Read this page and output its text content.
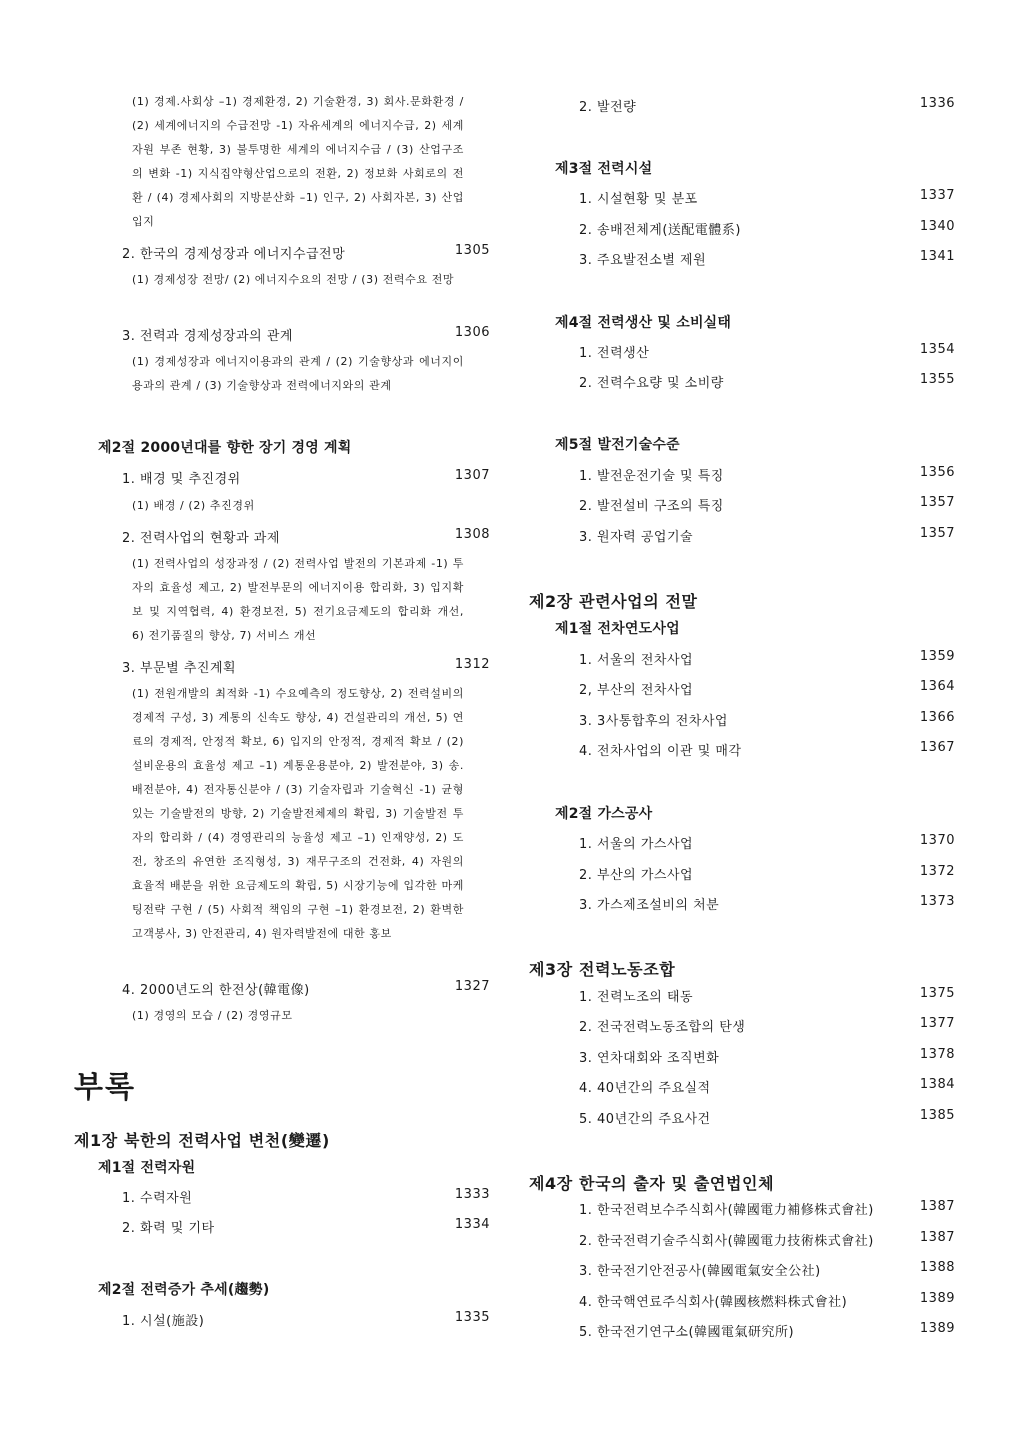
(1) 경제.사회상 –1) 경제환경, 2) 기술환경, 3) 회사.문화환경 / (2) 세계에너지의 수급전망 -1) 자유세계의 에너지수급, 2) 세계자원 부존 현황, 3) 불투명한 세계의 에너지수급 / (3) 산업구조의 변화 -1) 지식집약형산업으로의 전환, 2) 정보화 사회로의 전환 / (4) 경제사회의 지방분산화 –1) 인구, 2) 사회자본, 3) 산업입지
2. 한국의 경제성장과 에너지수급전망	1305
(1) 경제성장 전망/ (2) 에너지수요의 전망 / (3) 전력수요 전망
3. 전력과 경제성장과의 관계	1306
(1) 경제성장과 에너지이용과의 관계 / (2) 기술향상과 에너지이용과의 관계 / (3) 기술향상과 전력에너지와의 관계
제2절 2000년대를 향한 장기 경영 계획
1. 배경 및 추진경위	1307
(1) 배경 / (2) 추진경위
2. 전력사업의 현황과 과제	1308
(1) 전력사업의 성장과정 / (2) 전력사업 발전의 기본과제 -1) 투자의 효율성 제고, 2) 발전부문의 에너지이용 합리화, 3) 입지확보 및 지역협력, 4) 환경보전, 5) 전기요금제도의 합리화 개선, 6) 전기품질의 향상, 7) 서비스 개선
3. 부문별 추진계획	1312
(1) 전원개발의 최적화 -1) 수요예측의 정도향상, 2) 전력설비의 경제적 구성, 3) 계통의 신속도 향상, 4) 건설관리의 개선, 5) 연료의 경제적, 안정적 확보, 6) 입지의 안정적, 경제적 확보 / (2) 설비운용의 효율성 제고 –1) 계통운용분야, 2) 발전분야, 3) 송.배전분야, 4) 전자통신분야 / (3) 기술자립과 기술혁신 -1) 균형있는 기술발전의 방향, 2) 기술발전체제의 확립, 3) 기술발전 투자의 합리화 / (4) 경영관리의 능율성 제고 –1) 인재양성, 2) 도전, 창조의 유연한 조직형성, 3) 재무구조의 건전화, 4) 자원의 효율적 배분을 위한 요금제도의 확립, 5) 시장기능에 입각한 마케팅전략 구현 / (5) 사회적 책임의 구현 –1) 환경보전, 2) 환벽한 고객봉사, 3) 안전관리, 4) 원자력발전에 대한 홍보
4. 2000년도의 한전상(韓電像)	1327
(1) 경영의 모습 / (2) 경영규모
부록
제1장 북한의 전력사업 변천(變遷)
제1절 전력자원
1. 수력자원	1333
2. 화력 및 기타	1334
제2절 전력증가 추세(趨勢)
1. 시설(施設)	1335
2. 발전량	1336
제3절 전력시설
1. 시설현황 및 분포	1337
2. 송배전체계(送配電體系)	1340
3. 주요발전소별 제원	1341
제4절 전력생산 및 소비실태
1. 전력생산	1354
2. 전력수요량 및 소비량	1355
제5절 발전기술수준
1. 발전운전기술 및 특징	1356
2. 발전설비 구조의 특징	1357
3. 원자력 공업기술	1357
제2장 관련사업의 전말
제1절 전차연도사업
1. 서울의 전차사업	1359
2, 부산의 전차사업	1364
3. 3사통합후의 전차사업	1366
4. 전차사업의 이관 및 매각	1367
제2절 가스공사
1. 서울의 가스사업	1370
2. 부산의 가스사업	1372
3. 가스제조설비의 처분	1373
제3장 전력노동조합
1. 전력노조의 태동	1375
2. 전국전력노동조합의 탄생	1377
3. 연차대회와 조직변화	1378
4. 40년간의 주요실적	1384
5. 40년간의 주요사건	1385
제4장 한국의 출자 및 출연법인체
1. 한국전력보수주식회사(韓國電力補修株式會社)	1387
2. 한국전력기술주식회사(韓國電力技術株式會社)	1387
3. 한국전기안전공사(韓國電氣安全公社)	1388
4. 한국핵연료주식회사(韓國核燃料株式會社)	1389
5. 한국전기연구소(韓國電氣研究所)	1389
